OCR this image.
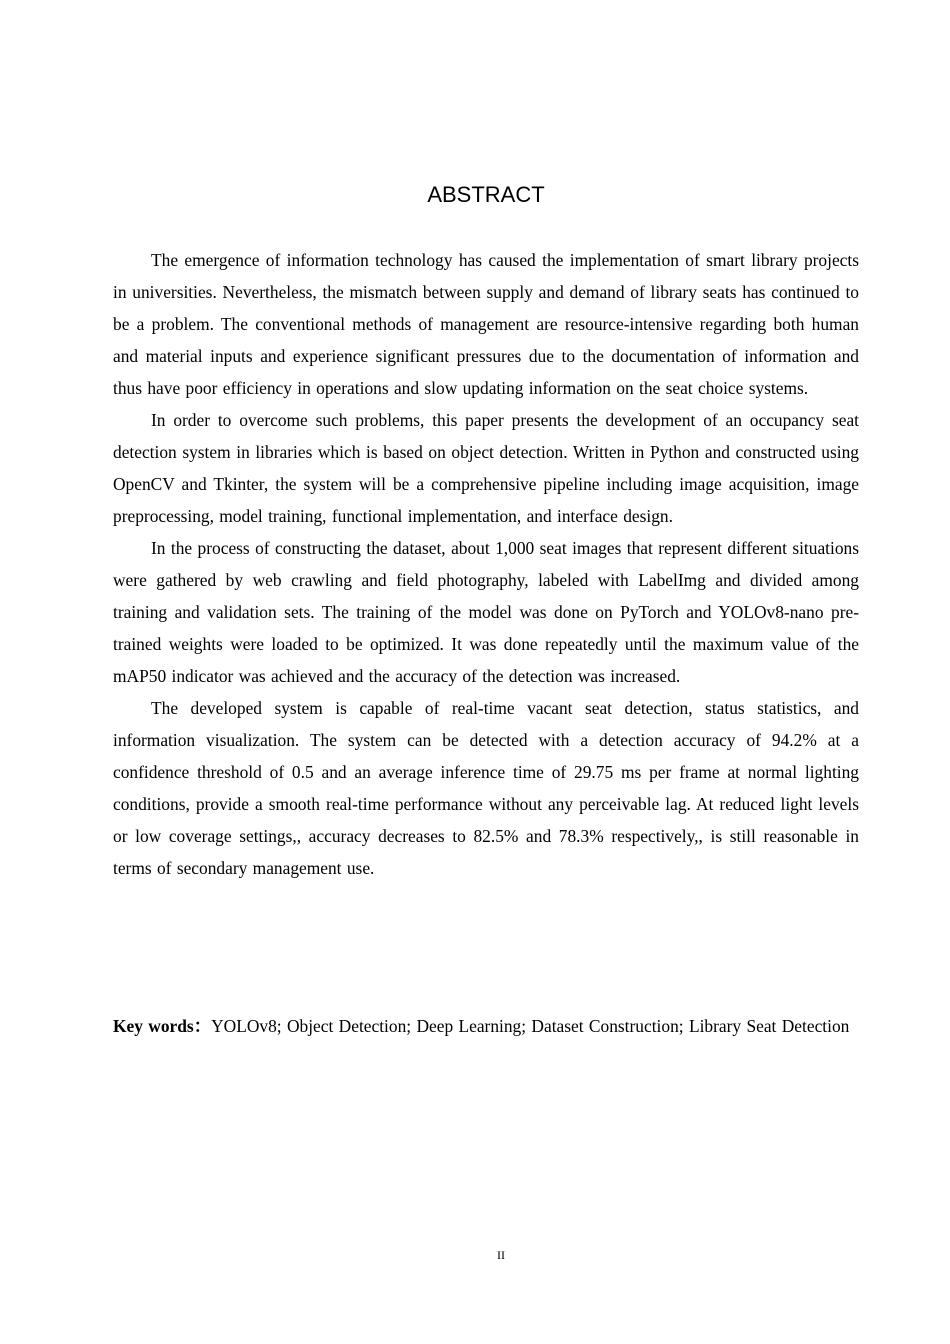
ABSTRACT

The emergence of information technology has caused the implementation of smart library projects in universities. Nevertheless, the mismatch between supply and demand of library seats has continued to be a problem. The conventional methods of management are resource-intensive regarding both human and material inputs and experience significant pressures due to the documentation of information and thus have poor efficiency in operations and slow updating information on the seat choice systems.

In order to overcome such problems, this paper presents the development of an occupancy seat detection system in libraries which is based on object detection. Written in Python and constructed using OpenCV and Tkinter, the system will be a comprehensive pipeline including image acquisition, image preprocessing, model training, functional implementation, and interface design.

In the process of constructing the dataset, about 1,000 seat images that represent different situations were gathered by web crawling and field photography, labeled with LabelImg and divided among training and validation sets. The training of the model was done on PyTorch and YOLOv8-nano pre-trained weights were loaded to be optimized. It was done repeatedly until the maximum value of the mAP50 indicator was achieved and the accuracy of the detection was increased.

The developed system is capable of real-time vacant seat detection, status statistics, and information visualization. The system can be detected with a detection accuracy of 94.2% at a confidence threshold of 0.5 and an average inference time of 29.75 ms per frame at normal lighting conditions, provide a smooth real-time performance without any perceivable lag. At reduced light levels or low coverage settings,, accuracy decreases to 82.5% and 78.3% respectively,, is still reasonable in terms of secondary management use.

Key words：YOLOv8; Object Detection; Deep Learning; Dataset Construction; Library Seat Detection

II
